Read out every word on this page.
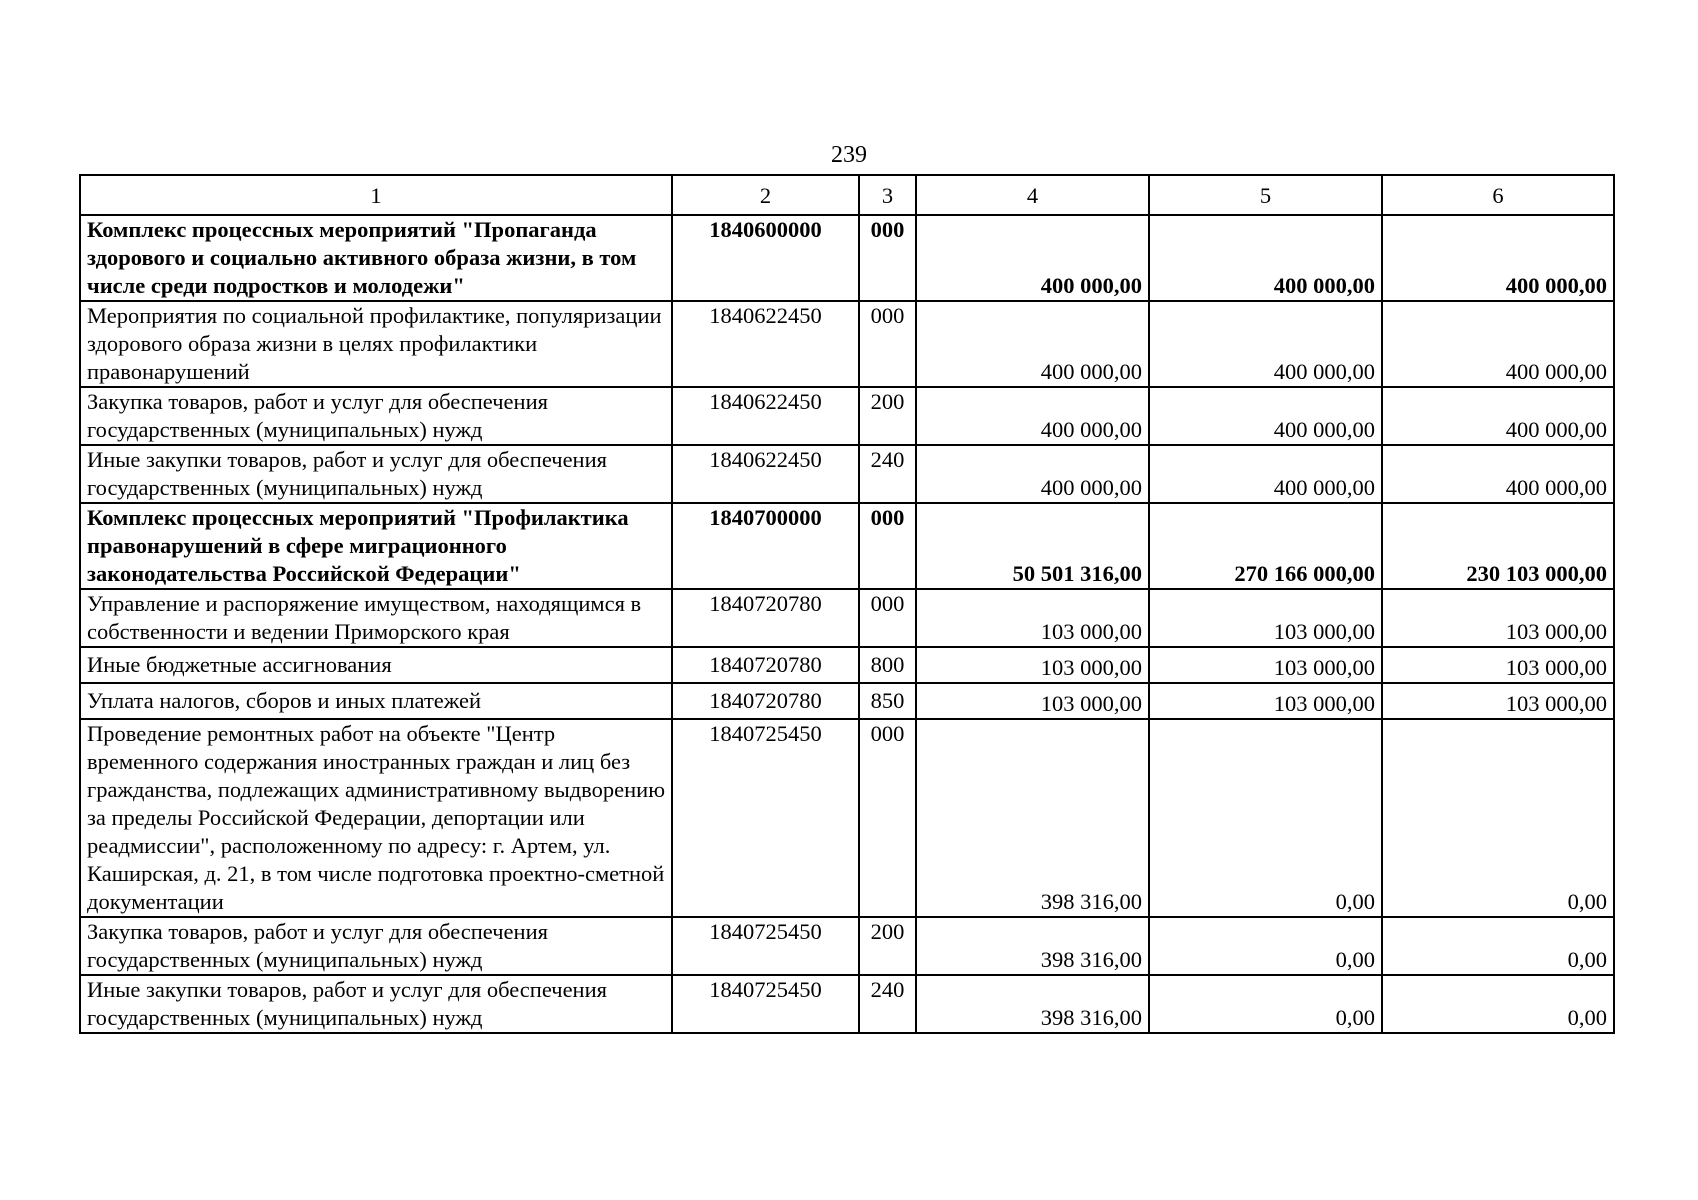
239
1	2	3	4	5	6
Комплекс процессных мероприятий "Пропаганда здорового и социально активного образа жизни, в том числе среди подростков и молодежи"	1840600000	000	400 000,00	400 000,00	400 000,00
Мероприятия по социальной профилактике, популяризации здорового образа жизни в целях профилактики правонарушений	1840622450	000	400 000,00	400 000,00	400 000,00
Закупка товаров, работ и услуг для обеспечения государственных (муниципальных) нужд	1840622450	200	400 000,00	400 000,00	400 000,00
Иные закупки товаров, работ и услуг для обеспечения государственных (муниципальных) нужд	1840622450	240	400 000,00	400 000,00	400 000,00
Комплекс процессных мероприятий "Профилактика правонарушений в сфере миграционного законодательства Российской Федерации"	1840700000	000	50 501 316,00	270 166 000,00	230 103 000,00
Управление и распоряжение имуществом, находящимся в собственности и ведении Приморского края	1840720780	000	103 000,00	103 000,00	103 000,00
Иные бюджетные ассигнования	1840720780	800	103 000,00	103 000,00	103 000,00
Уплата налогов, сборов и иных платежей	1840720780	850	103 000,00	103 000,00	103 000,00
Проведение ремонтных работ на объекте "Центр временного содержания иностранных граждан и лиц без гражданства, подлежащих административному выдворению за пределы Российской Федерации, депортации или реадмиссии", расположенному по адресу: г. Артем, ул. Каширская, д. 21, в том числе подготовка проектно-сметной документации	1840725450	000	398 316,00	0,00	0,00
Закупка товаров, работ и услуг для обеспечения государственных (муниципальных) нужд	1840725450	200	398 316,00	0,00	0,00
Иные закупки товаров, работ и услуг для обеспечения государственных (муниципальных) нужд	1840725450	240	398 316,00	0,00	0,00
